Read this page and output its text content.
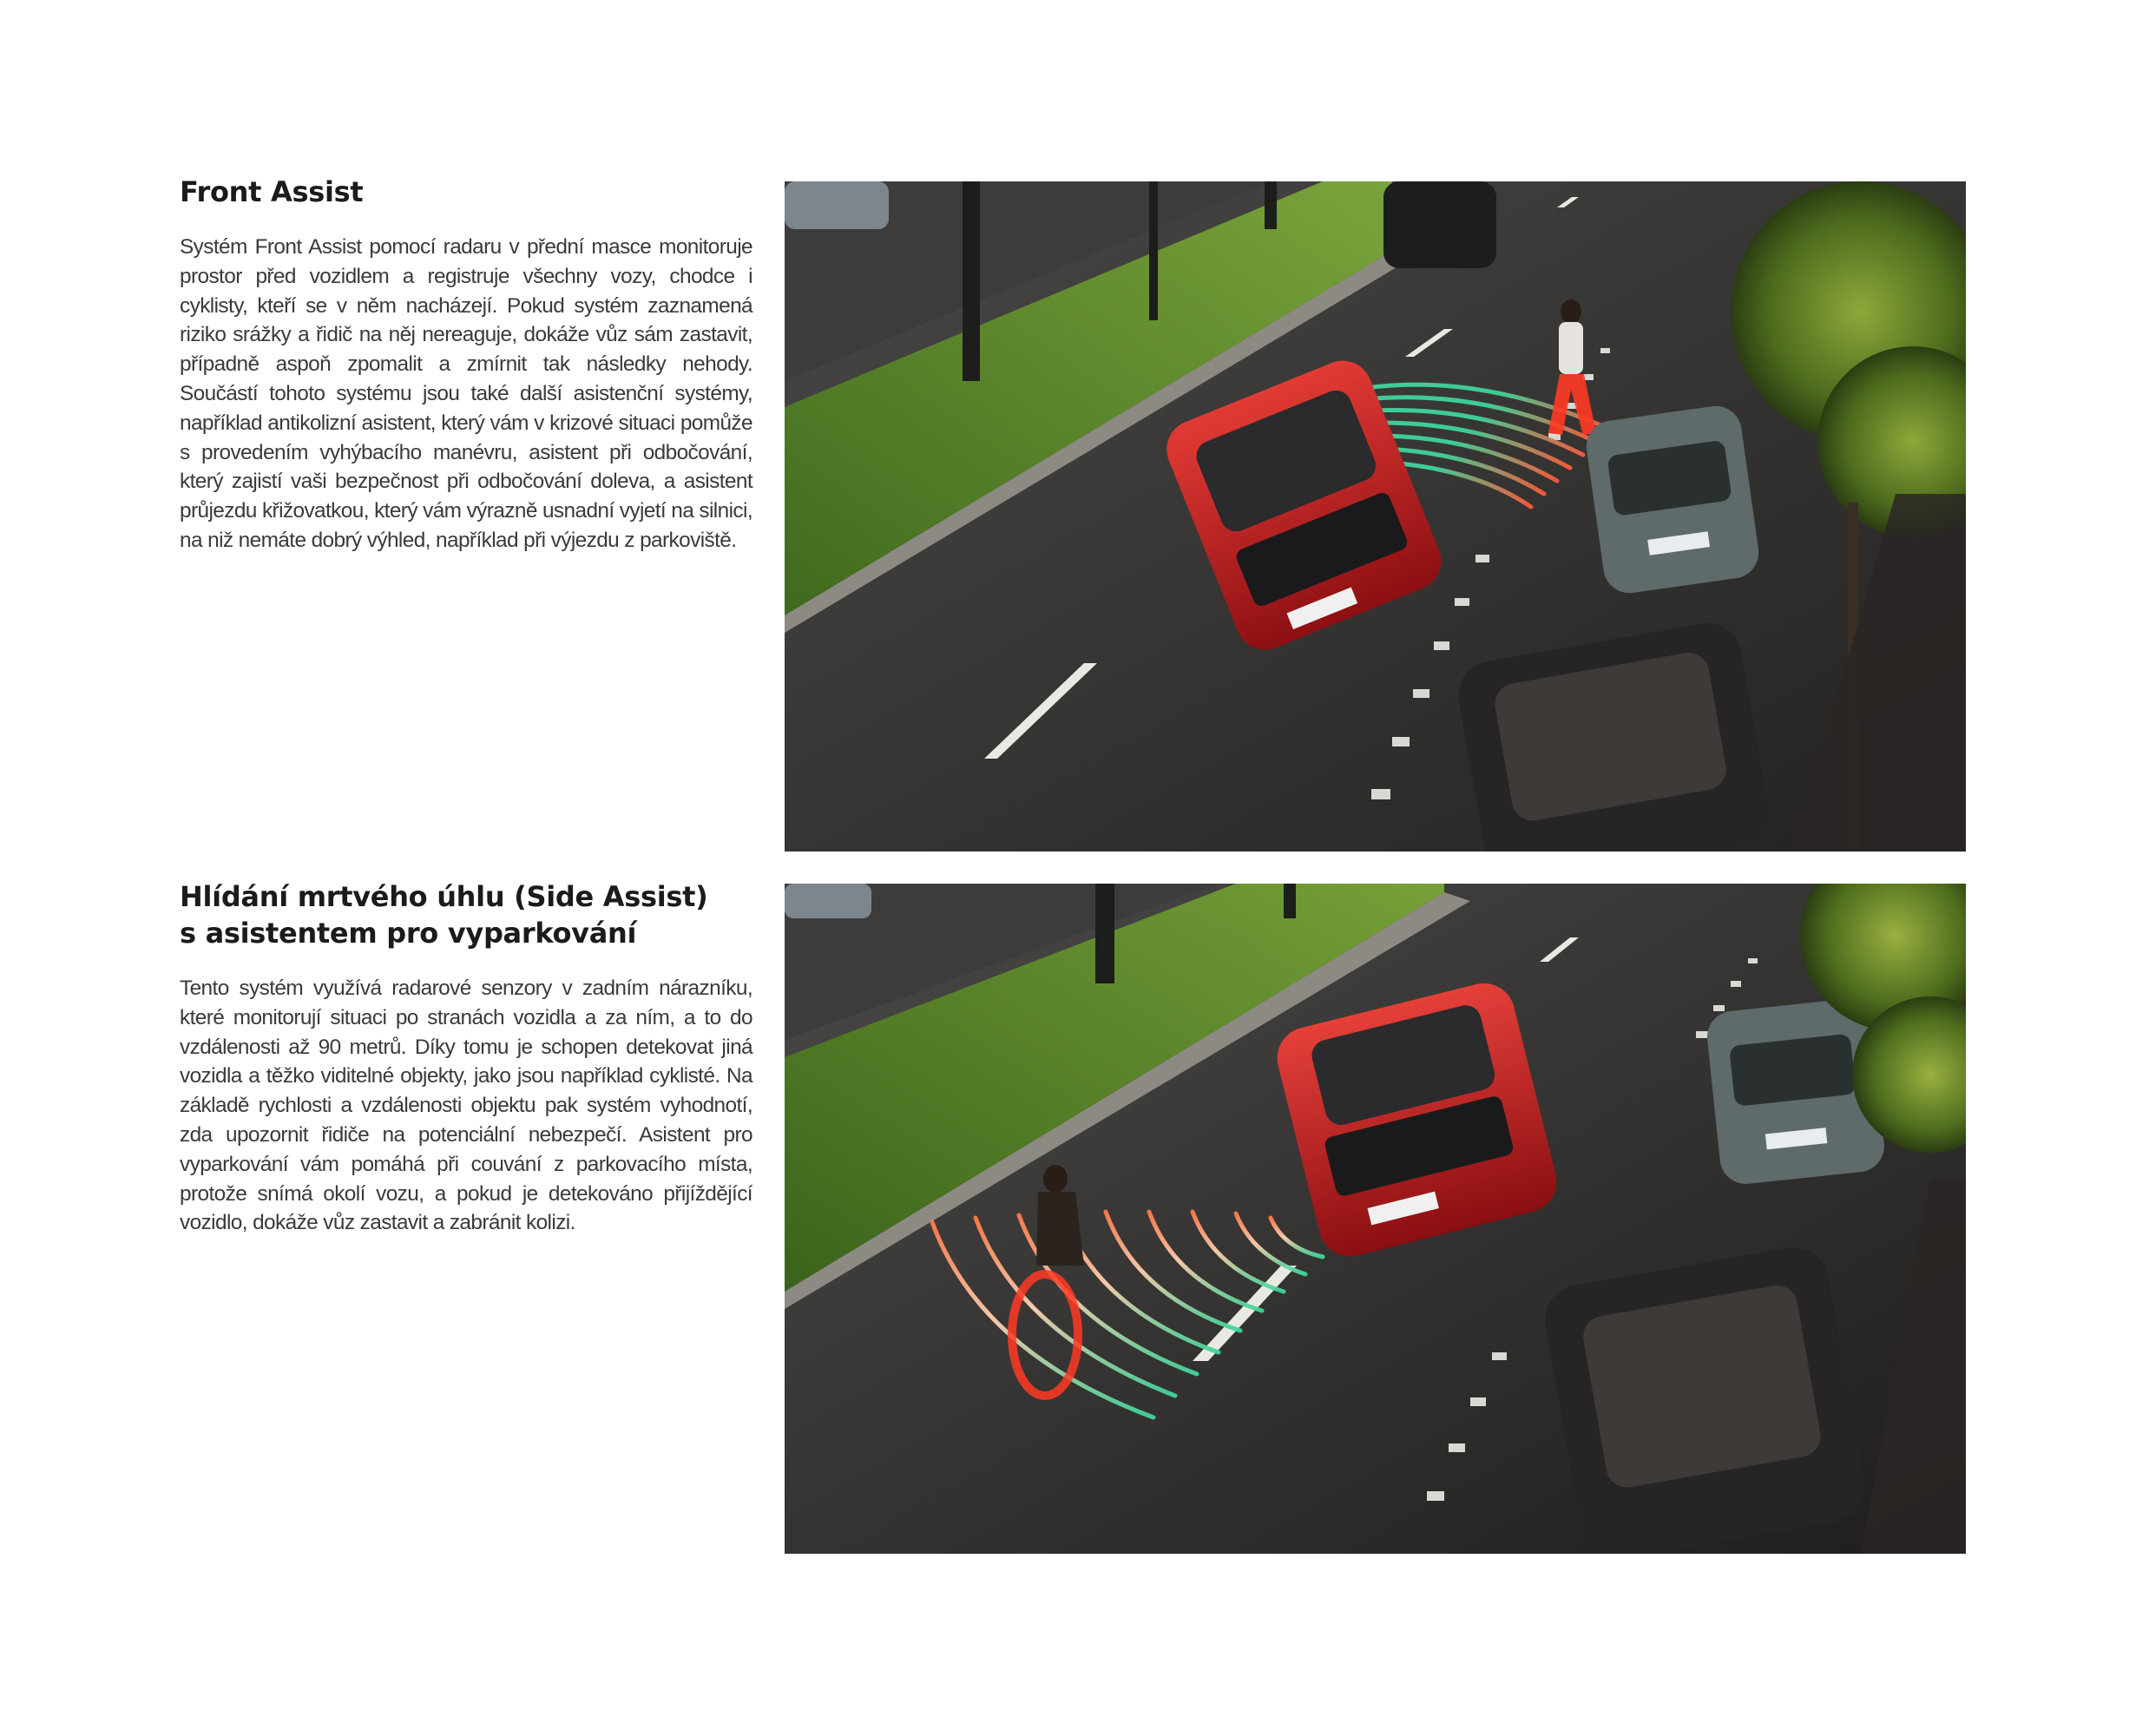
Front Assist

Systém Front Assist pomocí radaru v přední masce monitoruje prostor před vozidlem a registruje všechny vozy, chodce i cyklisty, kteří se v něm nacházejí. Pokud systém zaznamená riziko srážky a řidič na něj nereaguje, dokáže vůz sám zastavit, případně aspoň zpomalit a zmírnit tak následky nehody. Součástí tohoto systému jsou také další asistenční systémy, například antikolizní asistent, který vám v krizové situaci pomůže s provedením vyhýbacího manévru, asistent při odbočování, který zajistí vaši bezpečnost při odbočování doleva, a asistent průjezdu křižovatkou, který vám výrazně usnadní vyjetí na silnici, na niž nemáte dobrý výhled, například při výjezdu z parkoviště.

Hlídání mrtvého úhlu (Side Assist)
s asistentem pro vyparkování

Tento systém využívá radarové senzory v zadním nárazníku, které monitorují situaci po stranách vozidla a za ním, a to do vzdálenosti až 90 metrů. Díky tomu je schopen detekovat jiná vozidla a těžko viditelné objekty, jako jsou například cyklisté. Na základě rychlosti a vzdálenosti objektu pak systém vyhodnotí, zda upozornit řidiče na potenciální nebezpečí. Asistent pro vyparkování vám pomáhá při couvání z parkovacího místa, protože snímá okolí vozu, a pokud je detekováno přijíždějící vozidlo, dokáže vůz zastavit a zabránit kolizi.
